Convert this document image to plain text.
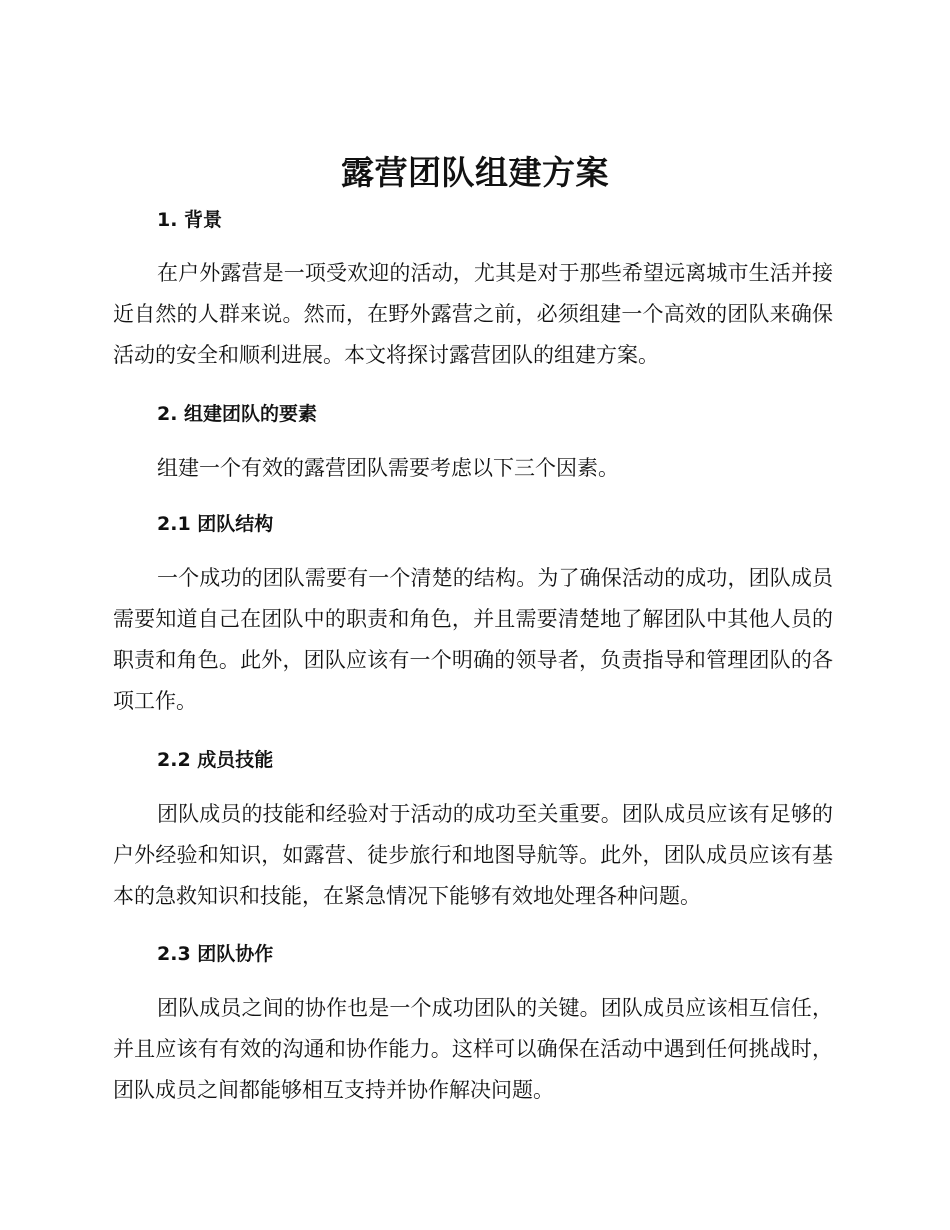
露营团队组建方案
1. 背景

在户外露营是一项受欢迎的活动，尤其是对于那些希望远离城市生活并接近自然的人群来说。然而，在野外露营之前，必须组建一个高效的团队来确保活动的安全和顺利进展。本文将探讨露营团队的组建方案。

2. 组建团队的要素

组建一个有效的露营团队需要考虑以下三个因素。

2.1 团队结构

一个成功的团队需要有一个清楚的结构。为了确保活动的成功，团队成员需要知道自己在团队中的职责和角色，并且需要清楚地了解团队中其他人员的职责和角色。此外，团队应该有一个明确的领导者，负责指导和管理团队的各项工作。

2.2 成员技能

团队成员的技能和经验对于活动的成功至关重要。团队成员应该有足够的户外经验和知识，如露营、徒步旅行和地图导航等。此外，团队成员应该有基本的急救知识和技能，在紧急情况下能够有效地处理各种问题。

2.3 团队协作

团队成员之间的协作也是一个成功团队的关键。团队成员应该相互信任，并且应该有有效的沟通和协作能力。这样可以确保在活动中遇到任何挑战时，团队成员之间都能够相互支持并协作解决问题。
